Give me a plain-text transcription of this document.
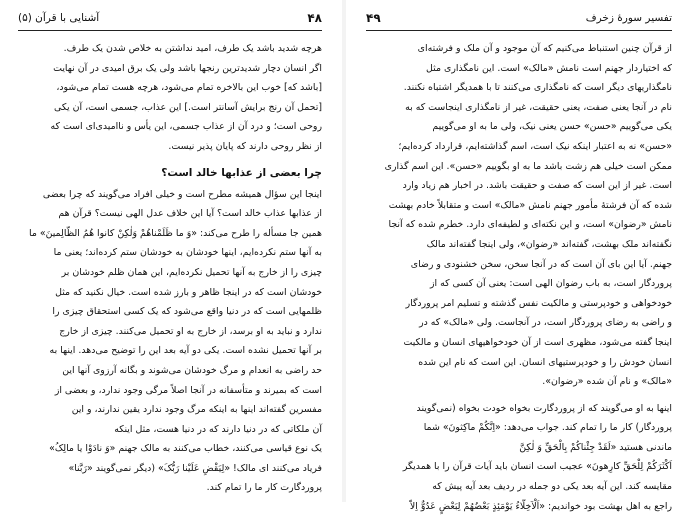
۴۸
آشنایی با قرآن (۵)
هرچه شدید باشد یک طرف، امید نداشتن به خلاص شدن یک طرف.
اگر انسان دچار شدیدترین رنجها باشد ولی یک برق امیدی در آن نهایت
[باشد که] خوب این بالاخره تمام می‌شود، هرچه هست تمام می‌شود،
[تحمل آن رنج برایش آسانتر است.] این عذاب، جسمی است، آن یکی
روحی است؛ و درد آن از عذاب جسمی، این یأس و ناامیدی‌ای است که
از نظر روحی دارند که پایان پذیر نیست.
چرا بعضی از عذابها خالد است؟
اینجا این سؤال همیشه مطرح است و خیلی افراد می‌گویند که چرا بعضی
از عذابها عذاب خالد است؟ آیا این خلاف عدل الهی نیست؟ قرآن هم
همین جا مسأله را طرح می‌کند: «وَ ما ظَلَمْناهُمْ وَلٰکِنْ کانوا هُمُ الظّالِمینَ» ما
به آنها ستم نکرده‌ایم، اینها خودشان به خودشان ستم کرده‌اند؛ یعنی ما
چیزی را از خارج به آنها تحمیل نکرده‌ایم، این همان ظلم خودشان بر
خودشان است که در اینجا ظاهر و بارز شده است. خیال نکنید که مثل
ظلمهایی است که در دنیا واقع می‌شود که یک کسی استحقاق چیزی را
ندارد و نباید به او برسد، از خارج به او تحمیل می‌کنند. چیزی از خارج
بر آنها تحمیل نشده است. یکی دو آیه بعد این را توضیح می‌دهد. اینها به
حد راضی به انعدام و مرگ خودشان می‌شوند و بگانه آرزوی آنها این
است که بمیرند و متأسفانه در آنجا اصلاً مرگی وجود ندارد، و بعضی از
مفسرین گفته‌اند اینها به اینکه مرگ وجود ندارد یقین ندارند، و این
آن ملکاتی که در دنیا دارند که در دنیا هست، مثل اینکه
یک نوع قیاسی می‌کنند، خطاب می‌کنند به مالک جهنم «وَ نادَوْا یا مالِکُ»
فریاد می‌کنند ای مالک! «لِیَقْضِ عَلَیْنا رَبُّکَ» (دیگر نمی‌گویند «رَبَّنا»
پروردگارت کار ما را تمام کند.
تفسیر سورهٔ زخرف
۴۹
از قرآن چنین استنباط می‌کنیم که آن موجود و آن ملک و فرشته‌ای
که اختیاردار جهنم است نامش «مالک» است. این نامگذاری مثل
نامگذاریهای دیگر است که نامگذاری می‌کنند تا با همدیگر اشتباه نکنند.
نام در آنجا یعنی صفت، یعنی حقیقت، غیر از نامگذاری اینجاست که به
یکی می‌گوییم «حسن» حسن یعنی نیک، ولی ما به او می‌گوییم
«حسن» نه به اعتبار اینکه نیک است، اسم گذاشته‌ایم، قرارداد کرده‌ایم؛
ممکن است خیلی هم زشت باشد ما به او بگوییم «حسن». این اسم گذاری
است. غیر از این است که صفت و حقیقت باشد. در اخبار هم زیاد وارد
شده که آن فرشتهٔ مأمور جهنم نامش «مالک» است و متقابلاً خادم بهشت
نامش «رضوان» است، و این نکته‌ای و لطیفه‌ای دارد. خطرم شده که آنجا
نگفته‌اند ملک بهشت، گفته‌اند «رضوان»، ولی اینجا گفته‌اند مالک
جهنم. آیا این بای آن است که در آنجا سخن، سخن خشنودی و رضای
پروردگار است، به باب رضوان الهی است: یعنی آن کسی که از
خودخواهی و خودپرستی و مالکیت نفس گذشته و تسلیم امر پروردگار
و راضی به رضای پروردگار است، در آنجاست. ولی «مالک» که در
اینجا گفته می‌شود، مظهری است از آن خودخواهیهای انسان و مالکیت
انسان خودش را و خودپرستیهای انسان. این است که نام این شده
«مالک» و نام آن شده «رضوان».
اینها به او می‌گویند که از پروردگارت بخواه خودت بخواه (نمی‌گویند
پروردگار) کار ما را تمام کند. جواب می‌دهد: «اِنَّکُمْ ماکِثونَ» شما
ماندنی هستید «لَقَدْ جِئْناکُمْ بِالْحَقِّ وَ لٰکِنَّ
اَکْثَرَکُمْ لِلْحَقِّ کارِهونَ» عجیب است انسان باید آیات قرآن را با همدیگر
مقایسه کند. این آیه بعد یکی دو جمله در ردیف بعد آیه پیش که
راجع به اهل بهشت بود خواندیم: «اَلْاَخِلّاءُ یَوْمَئِذٍ بَعْضُهُمْ لِبَعْضٍ عَدُوٌّ اِلاّ
